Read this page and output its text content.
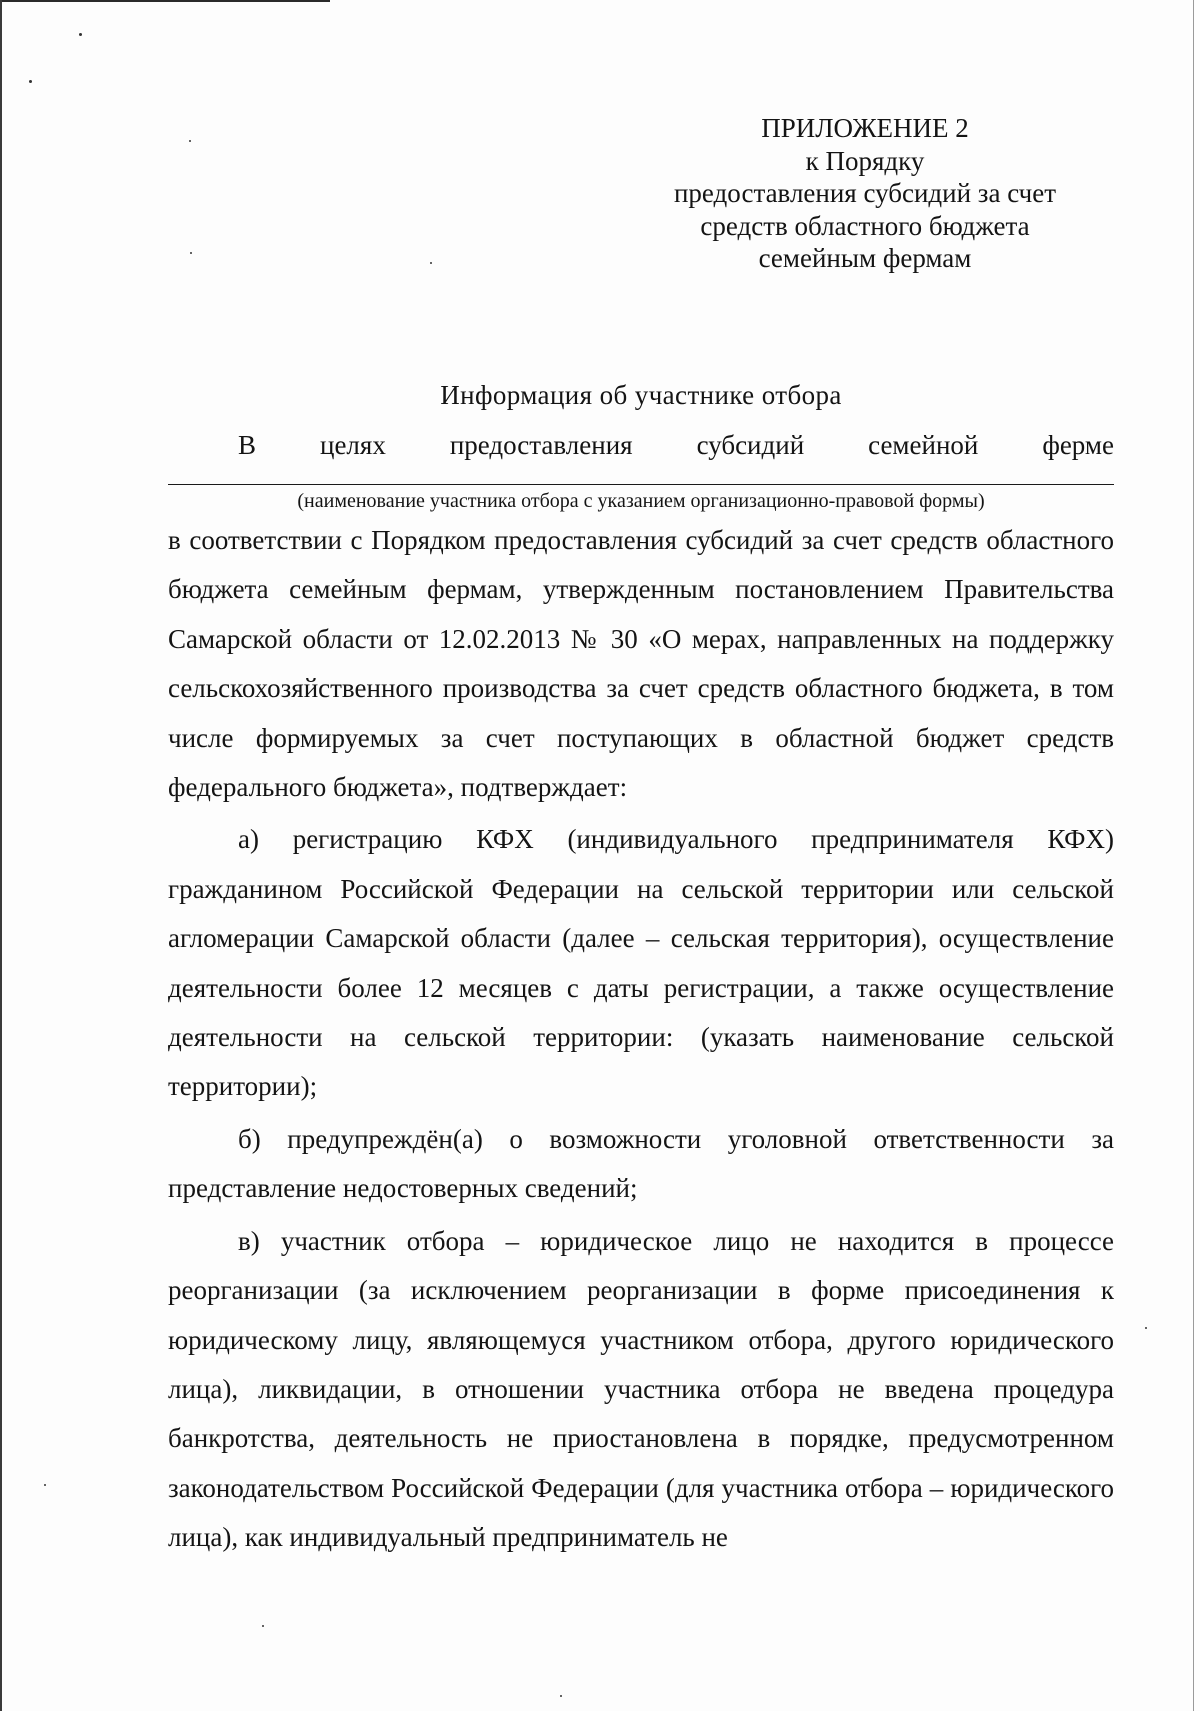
ПРИЛОЖЕНИЕ 2
к Порядку
предоставления субсидий за счет
средств областного бюджета
семейным фермам
Информация об участнике отбора
В целях предоставления субсидий семейной ферме
(наименование участника отбора с указанием организационно-правовой формы)

в соответствии с Порядком предоставления субсидий за счет средств областного бюджета семейным фермам, утвержденным постановлением Правительства Самарской области от 12.02.2013 № 30 «О мерах, направленных на поддержку сельскохозяйственного производства за счет средств областного бюджета, в том числе формируемых за счет поступающих в областной бюджет средств федерального бюджета», подтверждает:

а) регистрацию КФХ (индивидуального предпринимателя КФХ) гражданином Российской Федерации на сельской территории или сельской агломерации Самарской области (далее – сельская территория), осуществление деятельности более 12 месяцев с даты регистрации, а также осуществление деятельности на сельской территории: (указать наименование сельской территории);

б) предупреждён(а) о возможности уголовной ответственности за представление недостоверных сведений;

в) участник отбора – юридическое лицо не находится в процессе реорганизации (за исключением реорганизации в форме присоединения к юридическому лицу, являющемуся участником отбора, другого юридического лица), ликвидации, в отношении участника отбора не введена процедура банкротства, деятельность не приостановлена в порядке, предусмотренном законодательством Российской Федерации (для участника отбора – юридического лица), как индивидуальный предприниматель не
